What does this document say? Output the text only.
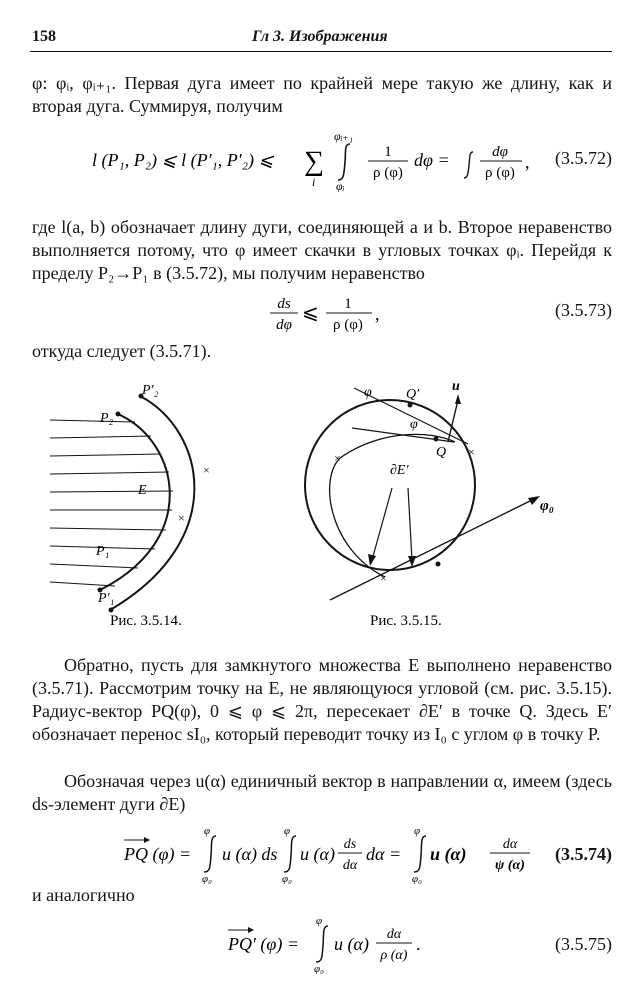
158	Гл 3. Изображения

φ: φᵢ, φᵢ₊₁. Первая дуга имеет по крайней мере такую же длину, как и вторая дуга. Суммируя, получим

l (P₁, P₂) ⩽ l (P′₁, P′₂) ⩽ ∑
i
φᵢ₊₁
φᵢ
1
ρ (φ)
dφ =	dφ
ρ (φ)
, (3.5.72)

где l(a, b) обозначает длину дуги, соединяющей a и b. Второе неравенство выполняется потому, что φ имеет скачки в угловых точках φᵢ. Перейдя к пределу P₂→P₁ в (3.5.72), мы получим неравенство

ds
dφ
⩽ 1
ρ (φ)
,	(3.5.73)

откуда следует (3.5.71).

×
×
P′₂
P₂
E
P₁
P′₁
Рис. 3.5.14.
×	×
×
φ Q′
u
φ
Q
∂E′
φ₀
Рис. 3.5.15.

Обратно, пусть для замкнутого множества E выполнено неравенство (3.5.71). Рассмотрим точку на E, не являющуюся угловой (см. рис. 3.5.15). Радиус-вектор PQ(φ), 0 ⩽ φ ⩽ 2π, пересекает ∂E′ в точке Q. Здесь E′ обозначает перенос sI₀, который переводит точку из I₀ с углом φ в точку P.

Обозначая через u(α) единичный вектор в направлении α, имеем (здесь ds-элемент дуги ∂E)

PQ (φ) =
φ
φ₀
u (α) ds
φ
φ₀
u (α) ds
dα
dα =
φ
φ₀
u (α)	dα
ψ (α)
(3.5.74)

и аналогично

PQ′ (φ) =
φ
φ₀
u (α) dα
ρ (α)
.	(3.5.75)
